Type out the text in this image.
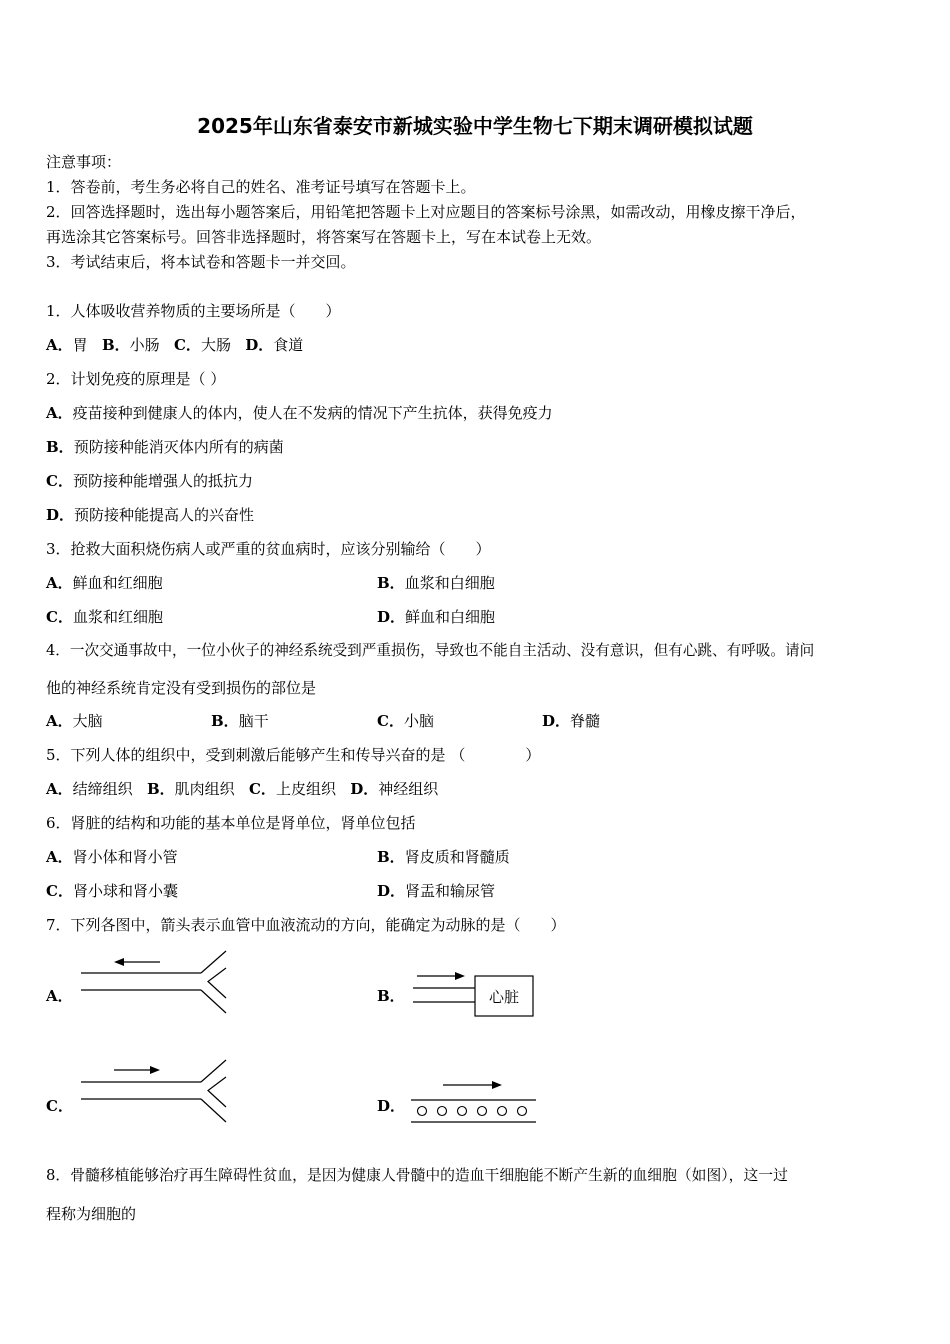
2025年山东省泰安市新城实验中学生物七下期末调研模拟试题
注意事项：
1．答卷前，考生务必将自己的姓名、准考证号填写在答题卡上。
2．回答选择题时，选出每小题答案后，用铅笔把答题卡上对应题目的答案标号涂黑，如需改动，用橡皮擦干净后，
再选涂其它答案标号。回答非选择题时，将答案写在答题卡上，写在本试卷上无效。
3．考试结束后，将本试卷和答题卡一并交回。
1．人体吸收营养物质的主要场所是（　　）
A．胃 B．小肠 C．大肠 D．食道
2．计划免疫的原理是（ ）
A．疫苗接种到健康人的体内，使人在不发病的情况下产生抗体，获得免疫力
B．预防接种能消灭体内所有的病菌
C．预防接种能增强人的抵抗力
D．预防接种能提高人的兴奋性
3．抢救大面积烧伤病人或严重的贫血病时，应该分别输给（　　）
A．鲜血和红细胞	B．血浆和白细胞
C．血浆和红细胞	D．鲜血和白细胞
4．一次交通事故中，一位小伙子的神经系统受到严重损伤，导致也不能自主活动、没有意识，但有心跳、有呼吸。请问
他的神经系统肯定没有受到损伤的部位是
A．大脑	B．脑干	C．小脑	D．脊髓
5．下列人体的组织中，受到刺激后能够产生和传导兴奋的是 （　　　　）
A．结缔组织 B．肌肉组织 C．上皮组织 D．神经组织
6．肾脏的结构和功能的基本单位是肾单位，肾单位包括
A．肾小体和肾小管	B．肾皮质和肾髓质
C．肾小球和肾小囊	D．肾盂和输尿管
7．下列各图中，箭头表示血管中血液流动的方向，能确定为动脉的是（　　）
A．	B．	心脏
C．	D．
8．骨髓移植能够治疗再生障碍性贫血，是因为健康人骨髓中的造血干细胞能不断产生新的血细胞（如图），这一过
程称为细胞的
